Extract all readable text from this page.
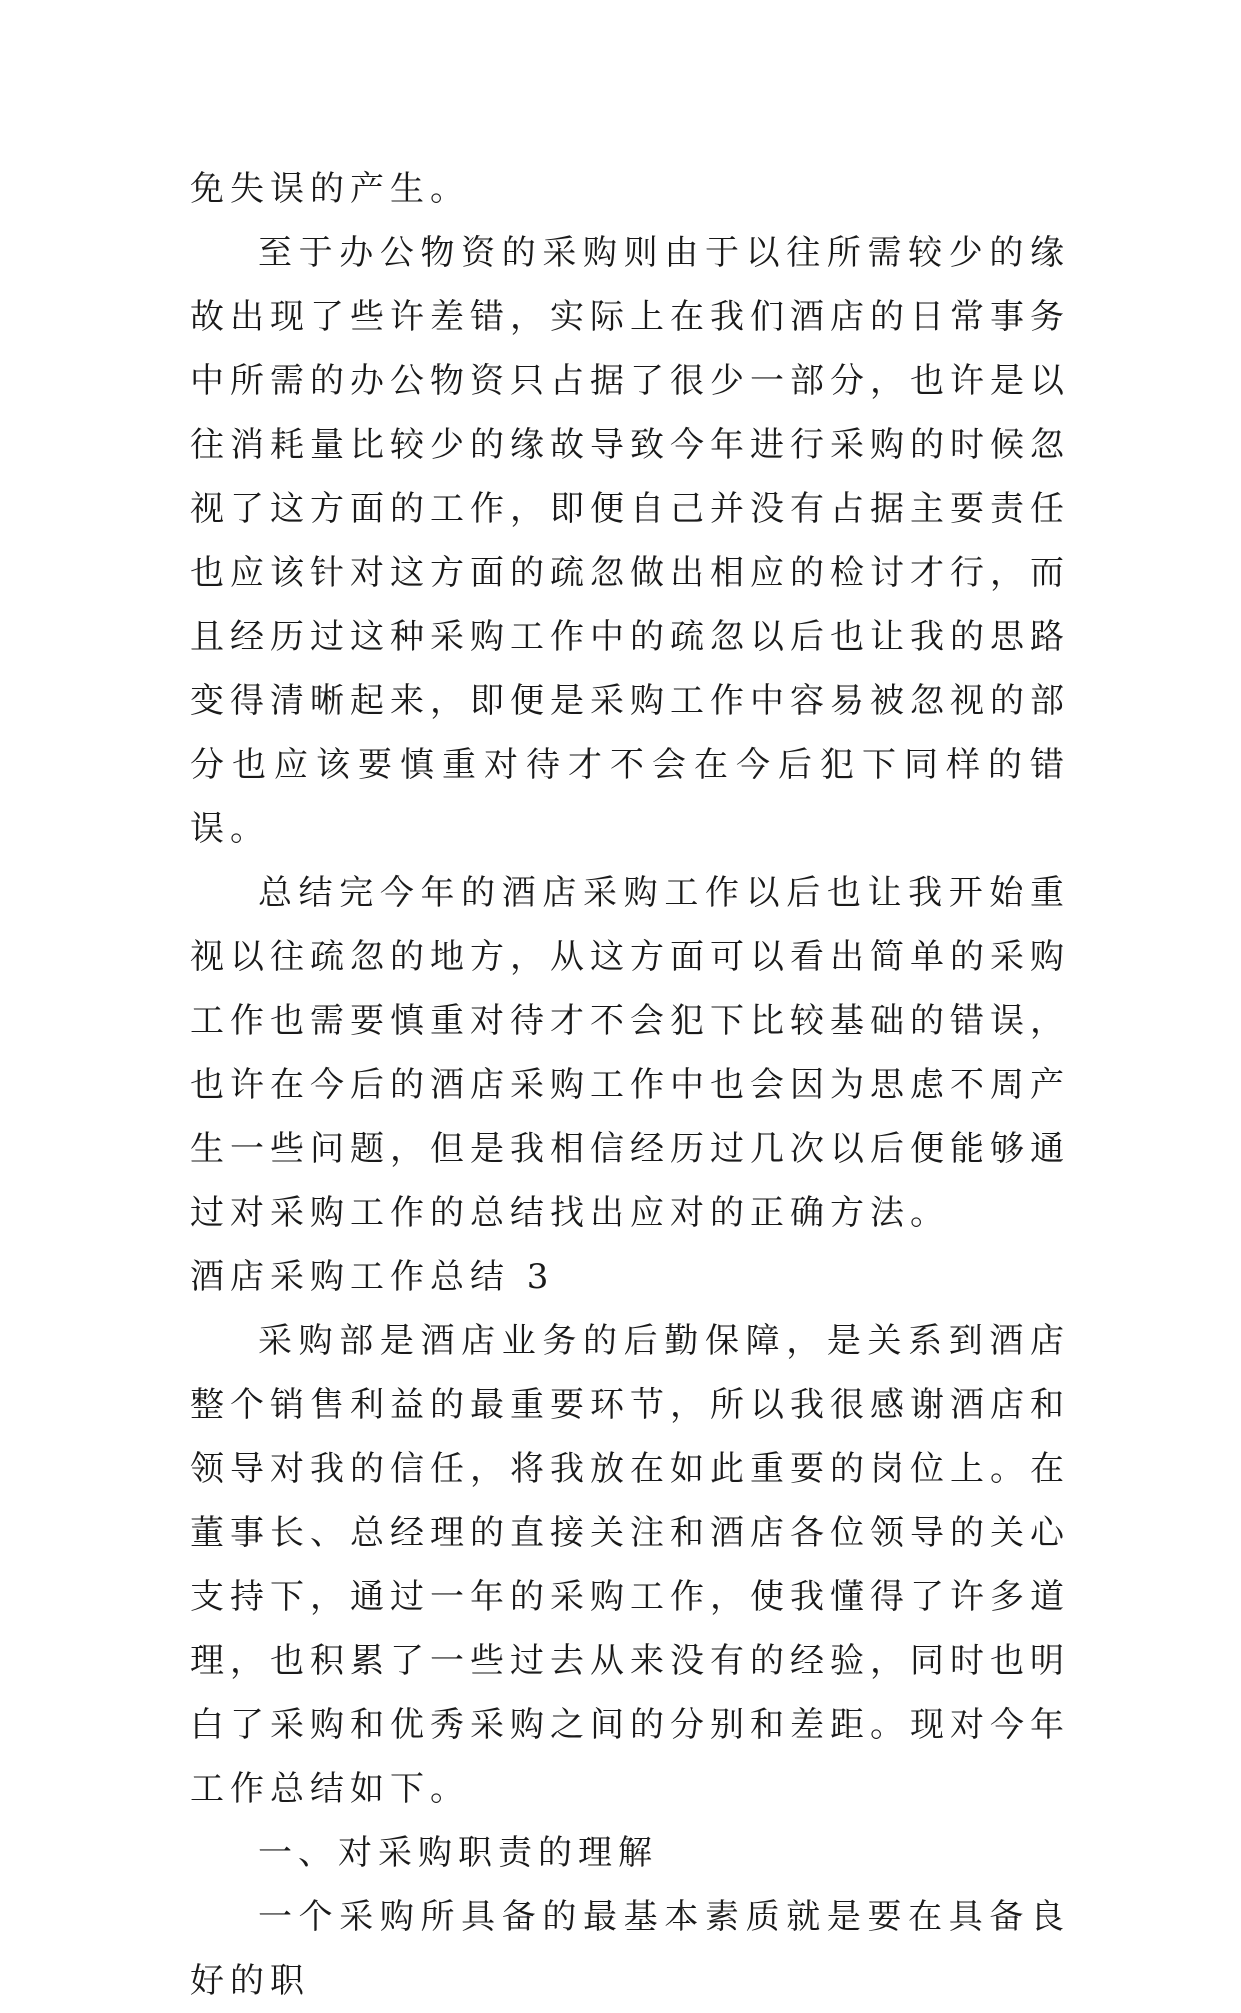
免失误的产生。

至于办公物资的采购则由于以往所需较少的缘故出现了些许差错，实际上在我们酒店的日常事务中所需的办公物资只占据了很少一部分，也许是以往消耗量比较少的缘故导致今年进行采购的时候忽视了这方面的工作，即便自己并没有占据主要责任也应该针对这方面的疏忽做出相应的检讨才行，而且经历过这种采购工作中的疏忽以后也让我的思路变得清晰起来，即便是采购工作中容易被忽视的部分也应该要慎重对待才不会在今后犯下同样的错误。

总结完今年的酒店采购工作以后也让我开始重视以往疏忽的地方，从这方面可以看出简单的采购工作也需要慎重对待才不会犯下比较基础的错误，也许在今后的酒店采购工作中也会因为思虑不周产生一些问题，但是我相信经历过几次以后便能够通过对采购工作的总结找出应对的正确方法。

酒店采购工作总结 3

采购部是酒店业务的后勤保障，是关系到酒店整个销售利益的最重要环节，所以我很感谢酒店和领导对我的信任，将我放在如此重要的岗位上。在董事长、总经理的直接关注和酒店各位领导的关心支持下，通过一年的采购工作，使我懂得了许多道理，也积累了一些过去从来没有的经验，同时也明白了采购和优秀采购之间的分别和差距。现对今年工作总结如下。

一、对采购职责的理解

一个采购所具备的最基本素质就是要在具备良好的职
